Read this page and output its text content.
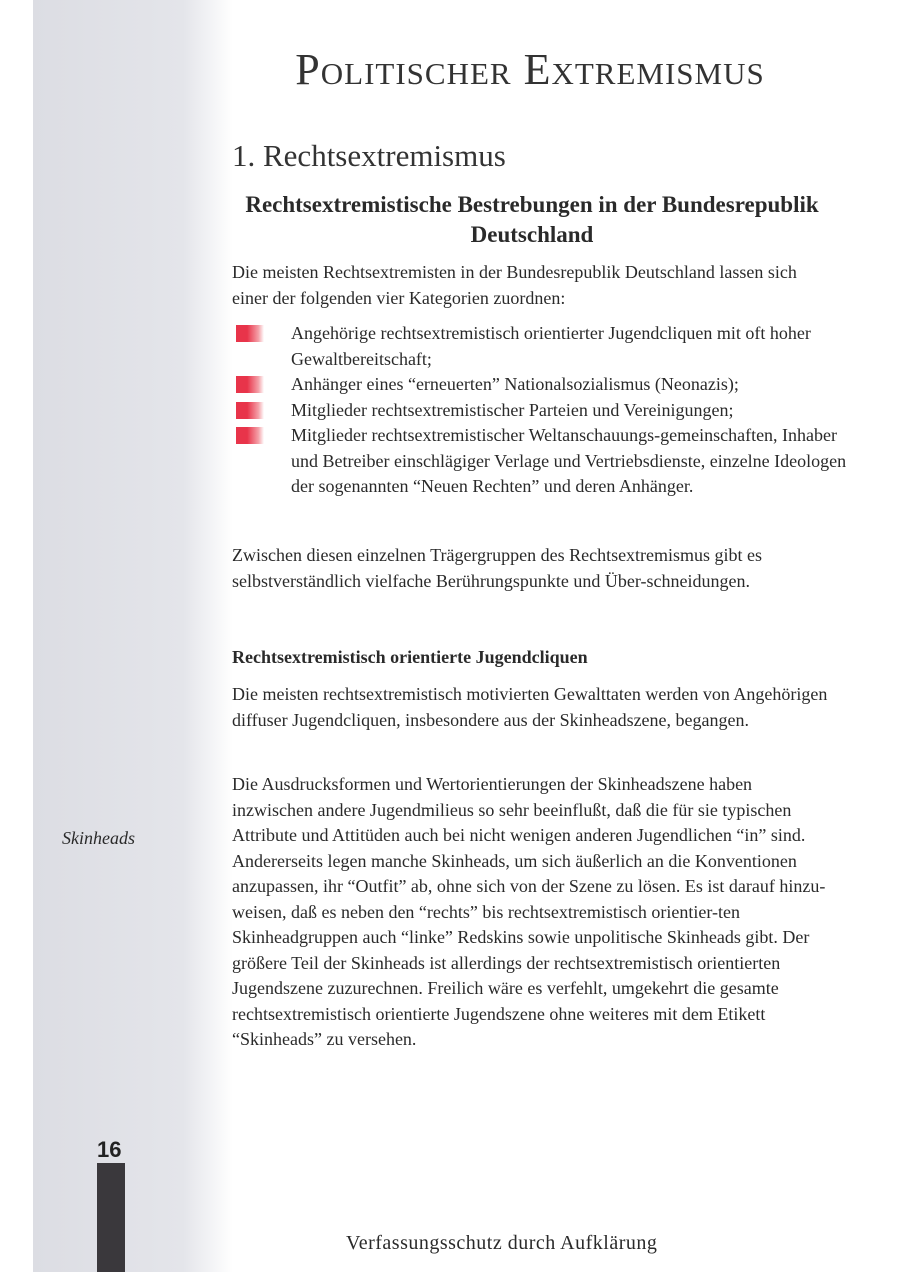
Politischer Extremismus
1. Rechtsextremismus
Rechtsextremistische Bestrebungen in der Bundesrepublik Deutschland
Die meisten Rechtsextremisten in der Bundesrepublik Deutschland lassen sich einer der folgenden vier Kategorien zuordnen:
Angehörige rechtsextremistisch orientierter Jugendcliquen mit oft hoher Gewaltbereitschaft;
Anhänger eines “erneuerten” Nationalsozialismus (Neonazis);
Mitglieder rechtsextremistischer Parteien und Vereinigungen;
Mitglieder rechtsextremistischer Weltanschauungs-gemeinschaften, Inhaber und Betreiber einschlägiger Verlage und Vertriebsdienste, einzelne Ideologen der sogenannten “Neuen Rechten” und deren Anhänger.
Zwischen diesen einzelnen Trägergruppen des Rechtsextremismus gibt es selbstverständlich vielfache Berührungspunkte und Über-schneidungen.
Rechtsextremistisch orientierte Jugendcliquen
Die meisten rechtsextremistisch motivierten Gewalttaten werden von Angehörigen diffuser Jugendcliquen, insbesondere aus der Skinheadszene, begangen.
Die Ausdrucksformen und Wertorientierungen der Skinheadszene haben inzwischen andere Jugendmilieus so sehr beeinflußt, daß die für sie typischen Attribute und Attitüden auch bei nicht wenigen anderen Jugendlichen “in” sind. Andererseits legen manche Skinheads, um sich äußerlich an die Konventionen anzupassen, ihr “Outfit” ab, ohne sich von der Szene zu lösen. Es ist darauf hinzu-weisen, daß es neben den “rechts” bis rechtsextremistisch orientier-ten Skinheadgruppen auch “linke” Redskins sowie unpolitische Skinheads gibt. Der größere Teil der Skinheads ist allerdings der rechtsextremistisch orientierten Jugendszene zuzurechnen. Freilich wäre es verfehlt, umgekehrt die gesamte rechtsextremistisch orientierte Jugendszene ohne weiteres mit dem Etikett “Skinheads” zu versehen.
Skinheads
16
Verfassungsschutz durch Aufklärung
